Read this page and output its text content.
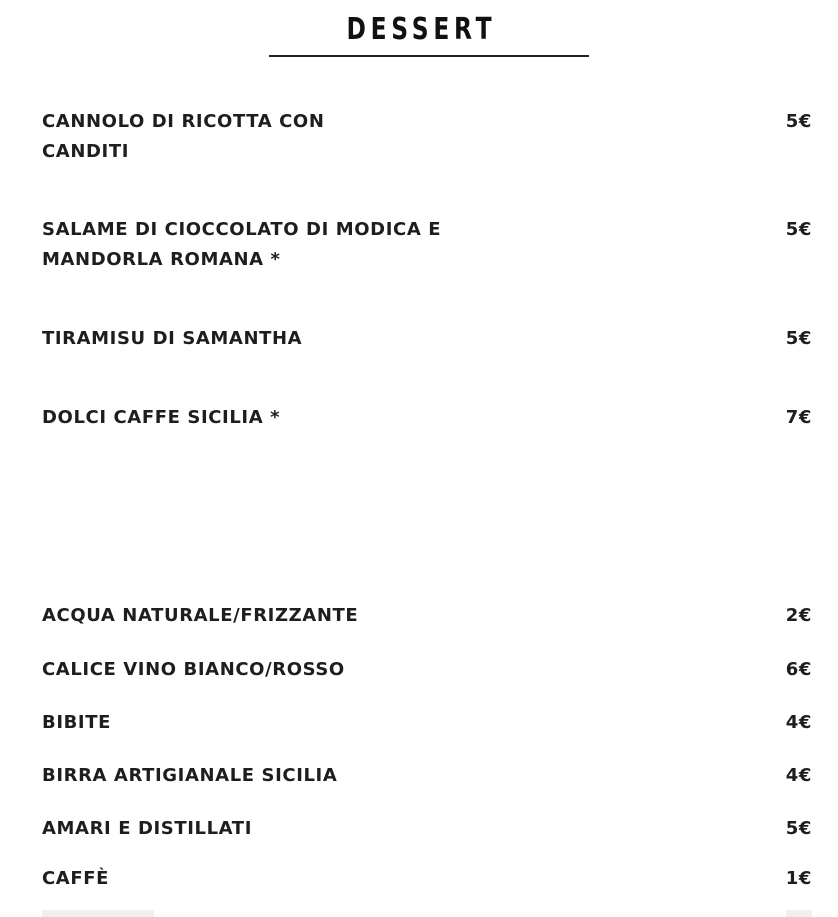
DESSERT
CANNOLO DI RICOTTA CON
CANDITI
5€
SALAME DI CIOCCOLATO DI MODICA E
MANDORLA ROMANA *
5€
TIRAMISU DI SAMANTHA	5€
DOLCI CAFFE SICILIA *	7€
ACQUA NATURALE/FRIZZANTE	2€
CALICE VINO BIANCO/ROSSO	6€
BIBITE	4€
BIRRA ARTIGIANALE SICILIA	4€
AMARI E DISTILLATI	5€
CAFFÈ	1€
